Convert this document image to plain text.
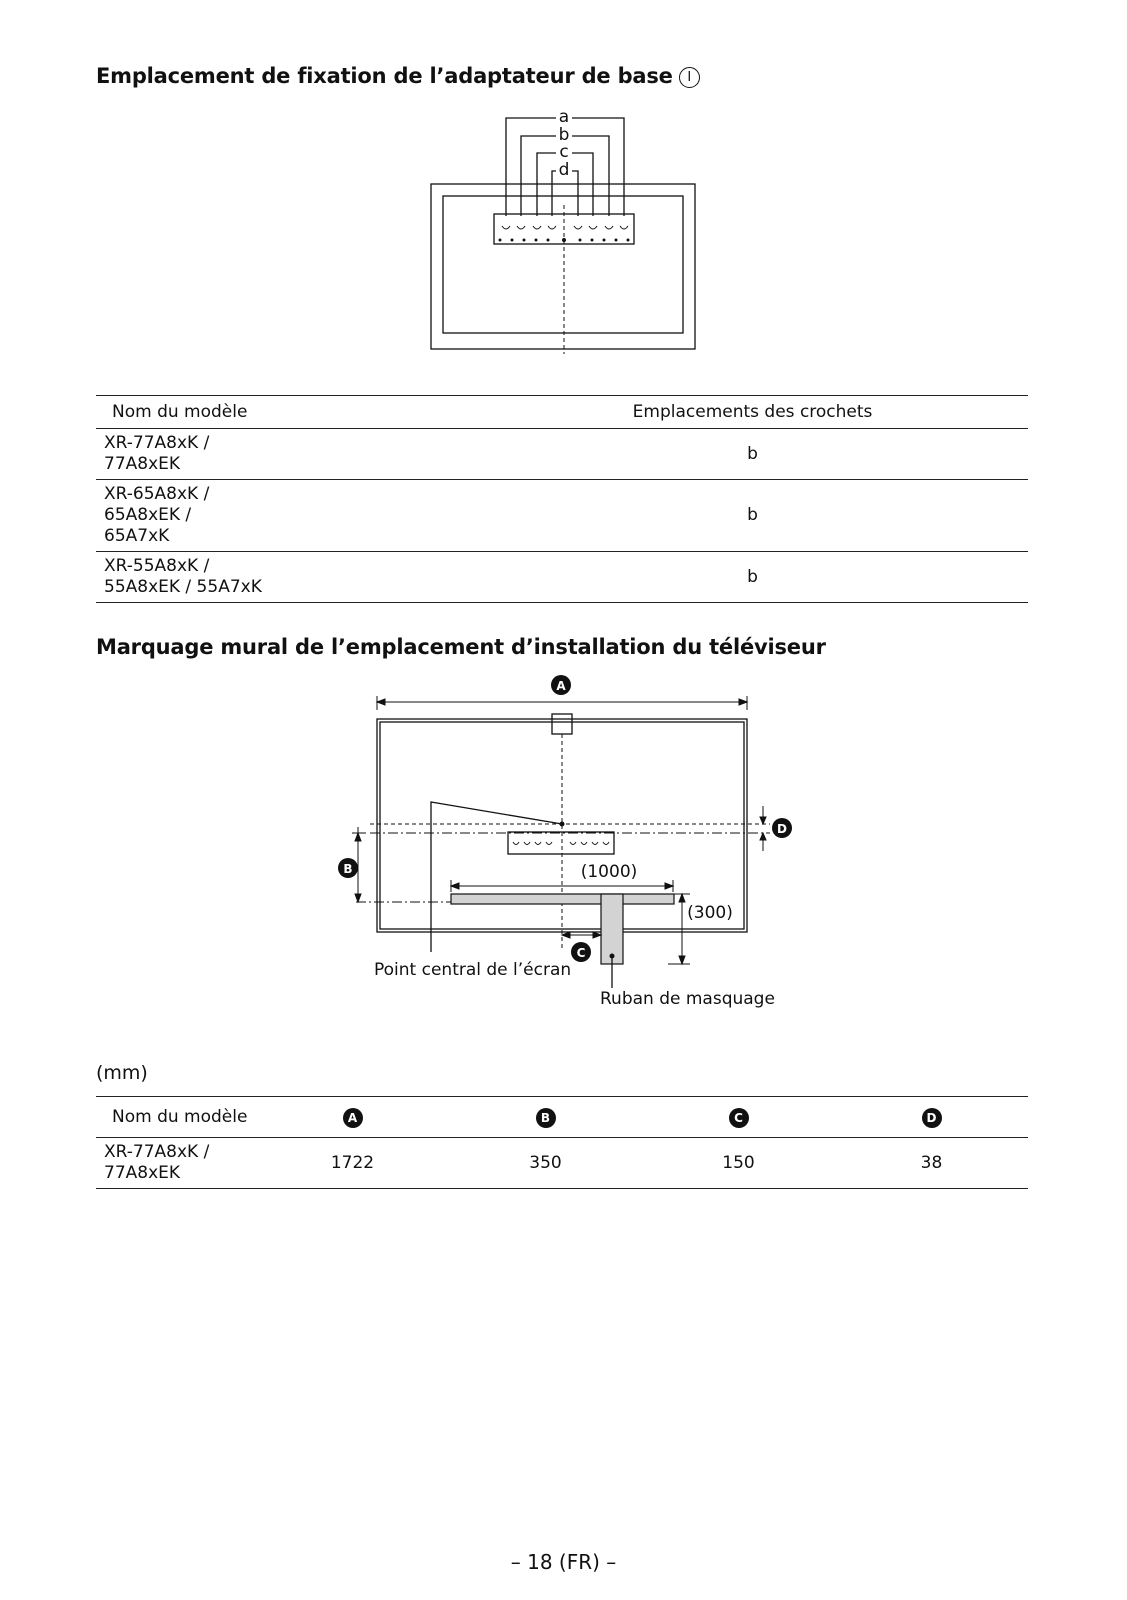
Emplacement de fixation de l’adaptateur de base I
a
b
c
d
Nom du modèle	Emplacements des crochets
XR-77A8xK /
77A8xEK	b
XR-65A8xK /
65A8xEK /
65A7xK	b
XR-55A8xK /
55A8xEK / 55A7xK	b
Marquage mural de l’emplacement d’installation du téléviseur
A
D
B	(1000)
(300)
C
Point central de l’écran
Ruban de masquage
(mm)
Nom du modèle	A	B	C	D
XR-77A8xK /
77A8xEK	1722	350	150	38
– 18 (FR) –
